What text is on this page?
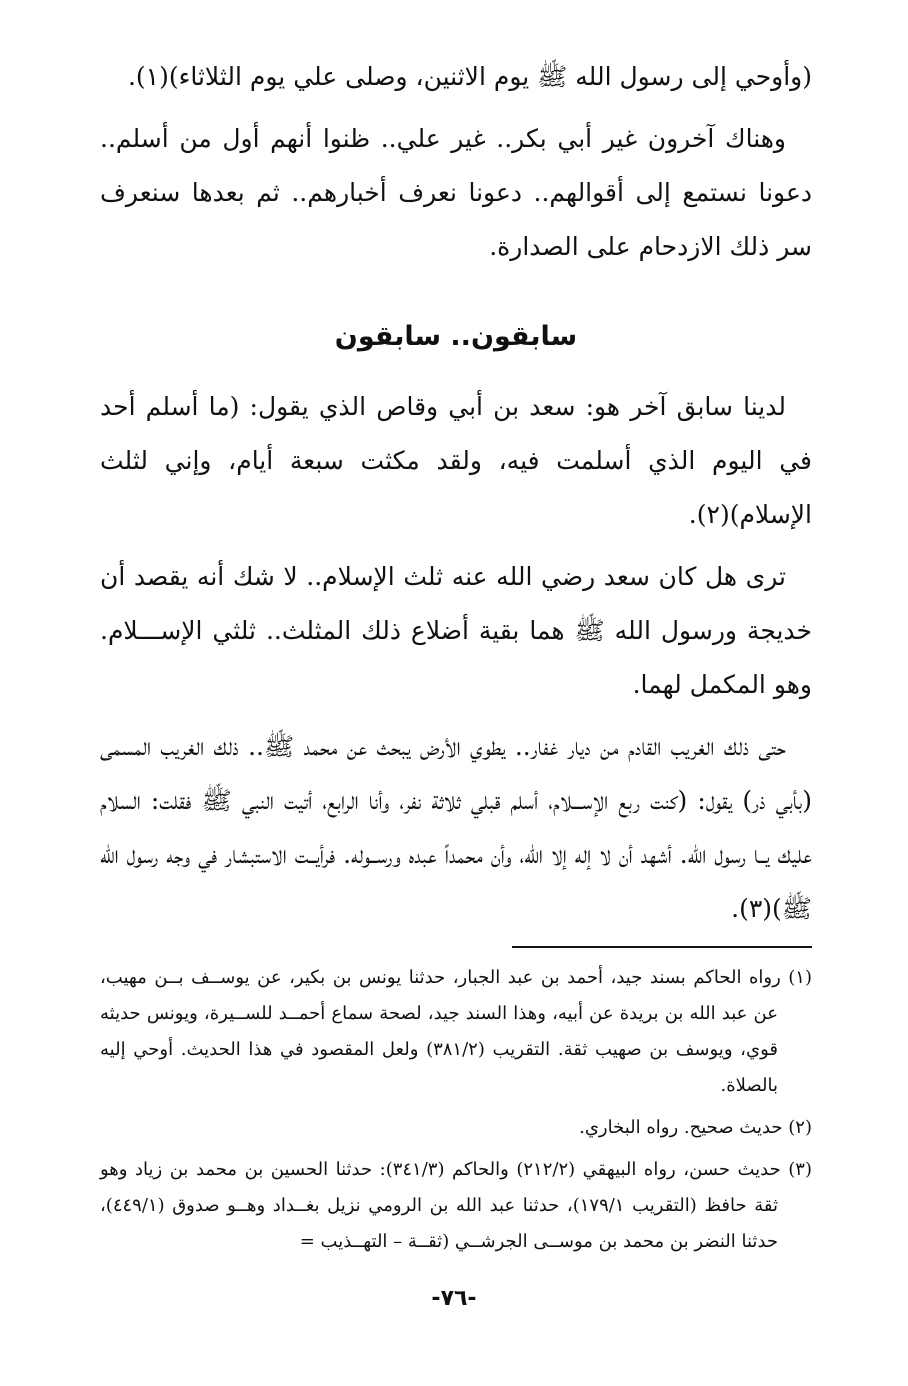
(وأوحي إلى رسول الله ﷺ يوم الاثنين، وصلى علي يوم الثلاثاء)(١).

وهناك آخرون غير أبي بكر.. غير علي.. ظنوا أنهم أول من أسلم.. دعونا نستمع إلى أقوالهم.. دعونا نعرف أخبارهم.. ثم بعدها سنعرف سر ذلك الازدحام على الصدارة.

سابقون.. سابقون

لدينا سابق آخر هو: سعد بن أبي وقاص الذي يقول: (ما أسلم أحد في اليوم الذي أسلمت فيه، ولقد مكثت سبعة أيام، وإني لثلث الإسلام)(٢).

ترى هل كان سعد رضي الله عنه ثلث الإسلام.. لا شك أنه يقصد أن خديجة ورسول الله ﷺ هما بقية أضلاع ذلك المثلث.. ثلثي الإســـلام. وهو المكمل لهما.

حتى ذلك الغريب القادم من ديار غفار.. يطوي الأرض يبحث عن محمد ﷺ.. ذلك الغريب المسمى (بأبي ذر) يقول: (كنت ربع الإســـلام، أسلم قبلي ثلاثة نفر، وأنا الرابع، أتيت النبي ﷺ فقلت: السلام عليك يــا رسول الله. أشهد أن لا إله إلا الله، وأن محمداً عبده ورســوله. فرأيــت الاستبشار في وجه رسول الله ﷺ)(٣).

(١) رواه الحاكم بسند جيد، أحمد بن عبد الجبار، حدثنا يونس بن بكير، عن يوســف بــن مهيب، عن عبد الله بن بريدة عن أبيه، وهذا السند جيد، لصحة سماع أحمــد للســيرة، ويونس حديثه قوي، ويوسف بن صهيب ثقة. التقريب (٣٨١/٢) ولعل المقصود في هذا الحديث. أوحي إليه بالصلاة.

(٢) حديث صحيح. رواه البخاري.

(٣) حديث حسن، رواه البيهقي (٢١٢/٢) والحاكم (٣٤١/٣): حدثنا الحسين بن محمد بن زياد وهو ثقة حافظ (التقريب ١٧٩/١)، حدثنا عبد الله بن الرومي نزيل بغــداد وهــو صدوق (٤٤٩/١)، حدثنا النضر بن محمد بن موســى الجرشــي (ثقــة – التهــذيب =

-٧٦-
